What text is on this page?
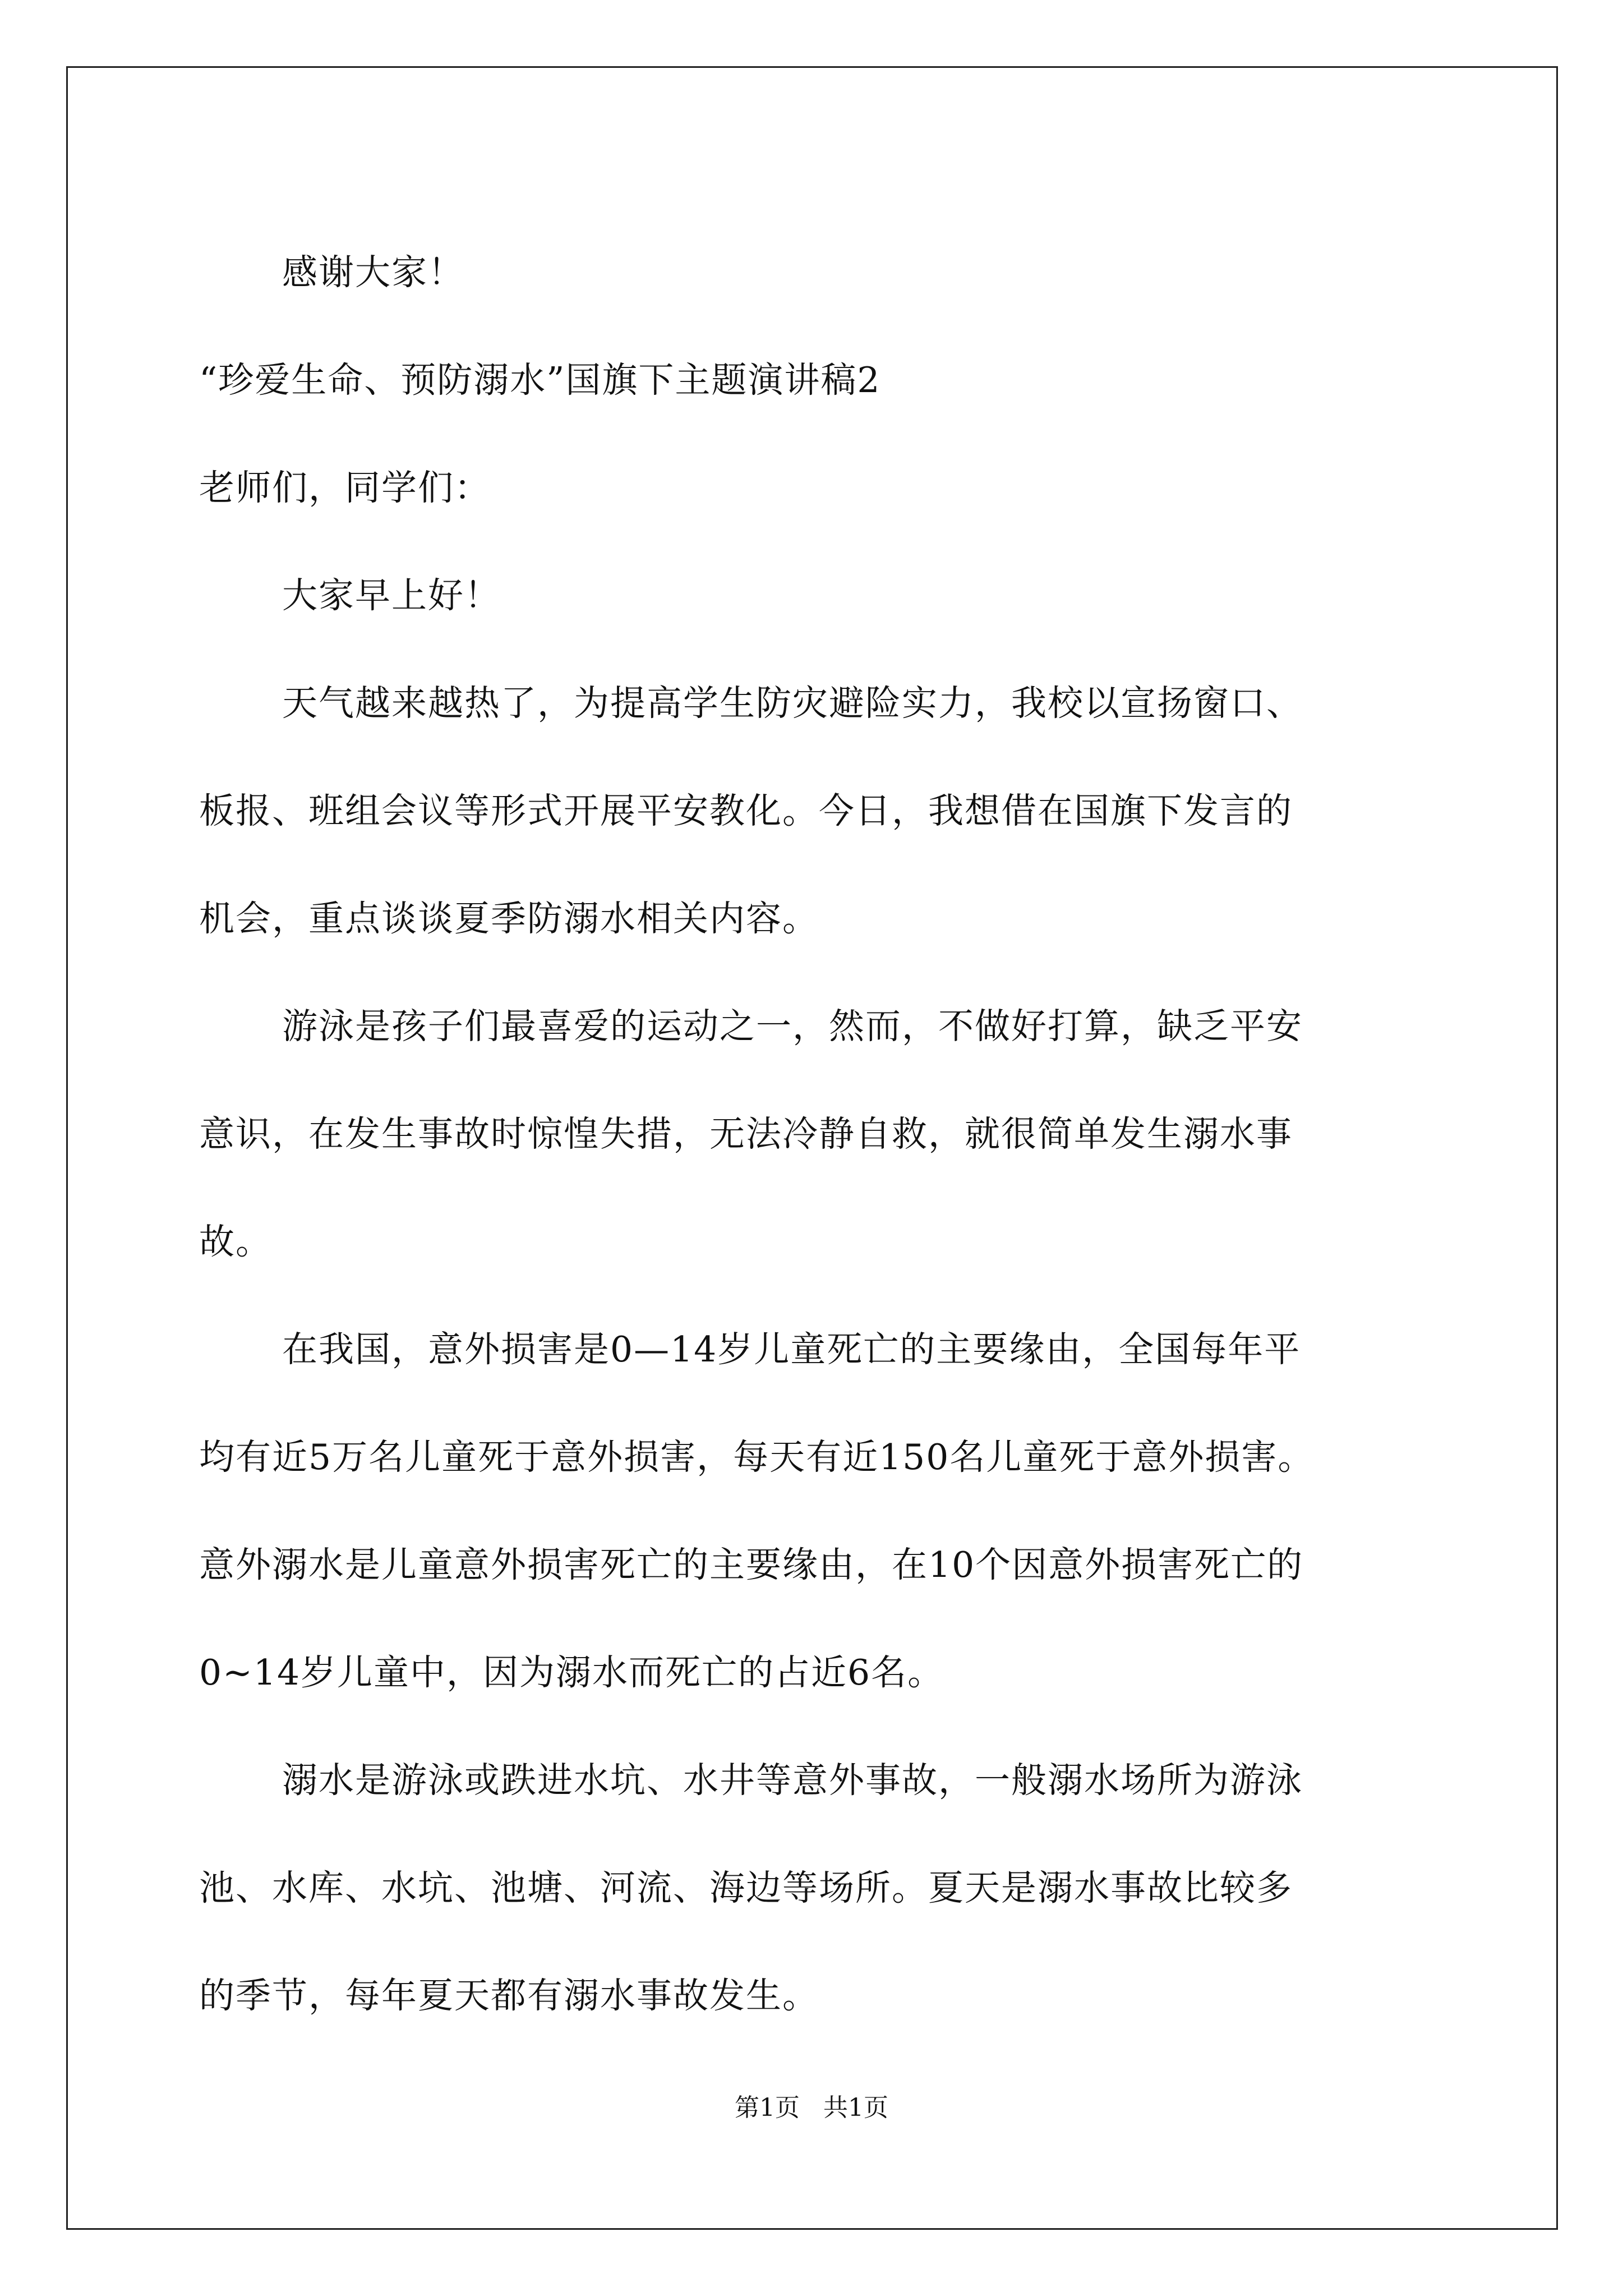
感谢大家！
“珍爱生命、预防溺水”国旗下主题演讲稿2
老师们，同学们：
大家早上好！
天气越来越热了，为提高学生防灾避险实力，我校以宣扬窗口、
板报、班组会议等形式开展平安教化。今日，我想借在国旗下发言的
机会，重点谈谈夏季防溺水相关内容。
游泳是孩子们最喜爱的运动之一，然而，不做好打算，缺乏平安
意识，在发生事故时惊惶失措，无法冷静自救，就很简单发生溺水事
故。
在我国，意外损害是0—14岁儿童死亡的主要缘由，全国每年平
均有近5万名儿童死于意外损害，每天有近150名儿童死于意外损害。
意外溺水是儿童意外损害死亡的主要缘由，在10个因意外损害死亡的
0~14岁儿童中，因为溺水而死亡的占近6名。
溺水是游泳或跌进水坑、水井等意外事故，一般溺水场所为游泳
池、水库、水坑、池塘、河流、海边等场所。夏天是溺水事故比较多
的季节，每年夏天都有溺水事故发生。
第1页   共1页
